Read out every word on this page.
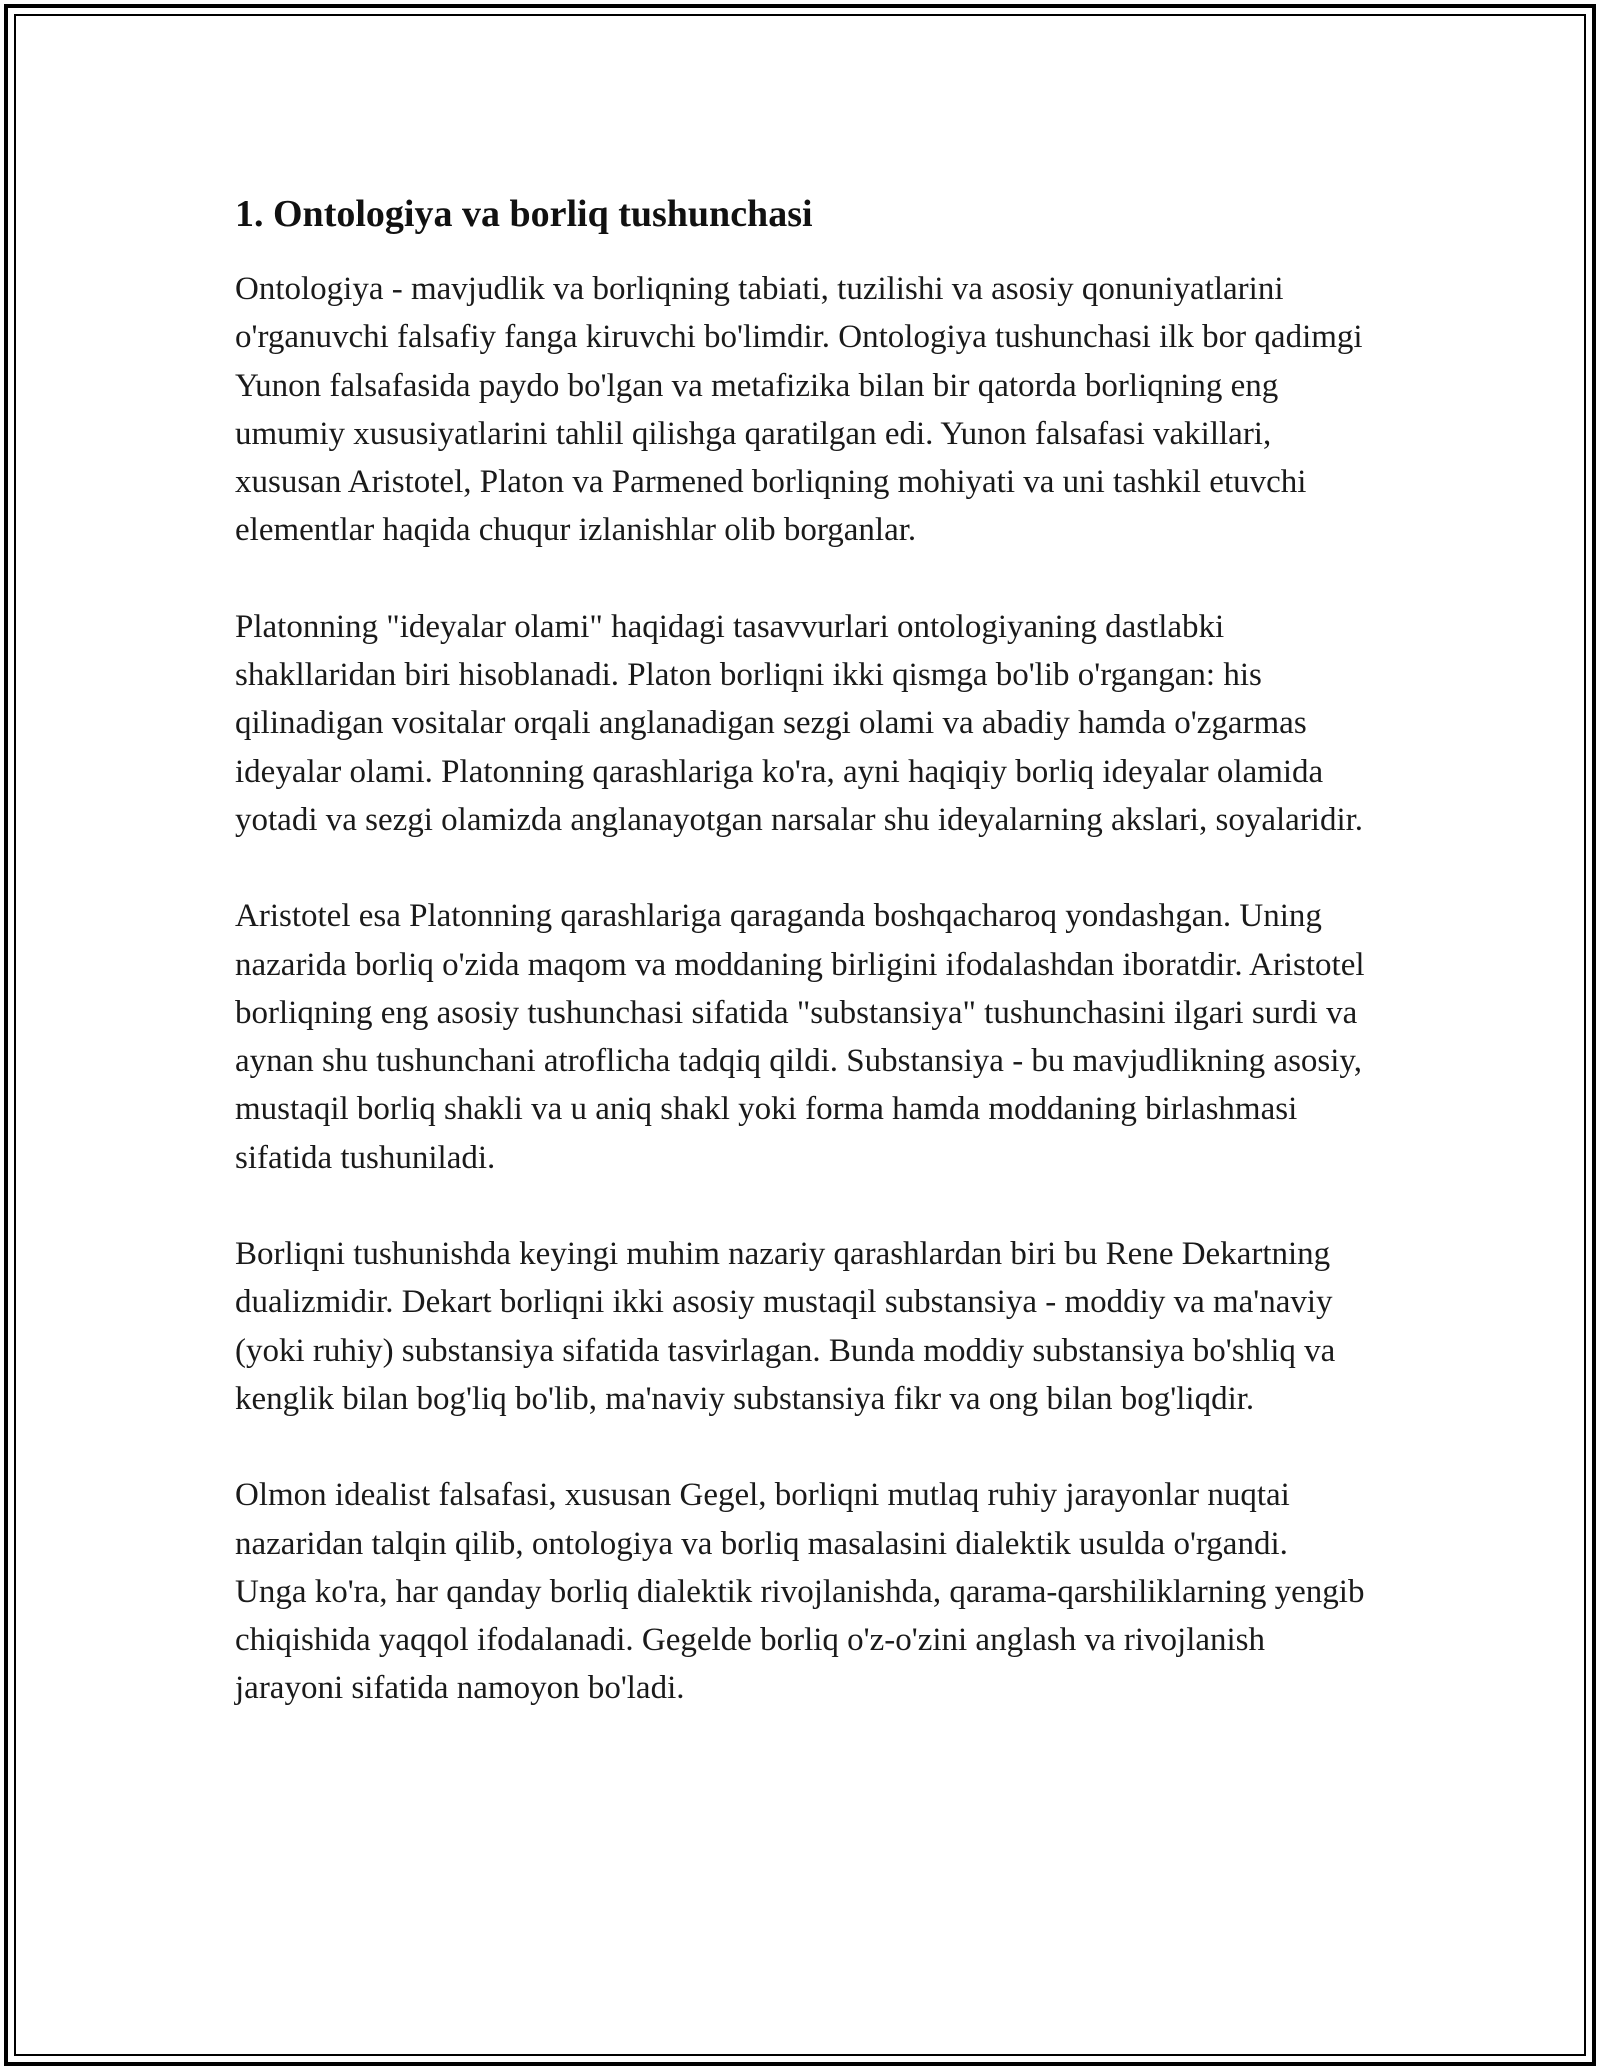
1. Ontologiya va borliq tushunchasi

Ontologiya - mavjudlik va borliqning tabiati, tuzilishi va asosiy qonuniyatlarini o'rganuvchi falsafiy fanga kiruvchi bo'limdir. Ontologiya tushunchasi ilk bor qadimgi Yunon falsafasida paydo bo'lgan va metafizika bilan bir qatorda borliqning eng umumiy xususiyatlarini tahlil qilishga qaratilgan edi. Yunon falsafasi vakillari, xususan Aristotel, Platon va Parmened borliqning mohiyati va uni tashkil etuvchi elementlar haqida chuqur izlanishlar olib borganlar.

Platonning "ideyalar olami" haqidagi tasavvurlari ontologiyaning dastlabki shakllaridan biri hisoblanadi. Platon borliqni ikki qismga bo'lib o'rgangan: his qilinadigan vositalar orqali anglanadigan sezgi olami va abadiy hamda o'zgarmas ideyalar olami. Platonning qarashlariga ko'ra, ayni haqiqiy borliq ideyalar olamida yotadi va sezgi olamizda anglanayotgan narsalar shu ideyalarning akslari, soyalaridir.

Aristotel esa Platonning qarashlariga qaraganda boshqacharoq yondashgan. Uning nazarida borliq o'zida maqom va moddaning birligini ifodalashdan iboratdir. Aristotel borliqning eng asosiy tushunchasi sifatida "substansiya" tushunchasini ilgari surdi va aynan shu tushunchani atroflicha tadqiq qildi. Substansiya - bu mavjudlikning asosiy, mustaqil borliq shakli va u aniq shakl yoki forma hamda moddaning birlashmasi sifatida tushuniladi.

Borliqni tushunishda keyingi muhim nazariy qarashlardan biri bu Rene Dekartning dualizmidir. Dekart borliqni ikki asosiy mustaqil substansiya - moddiy va ma'naviy (yoki ruhiy) substansiya sifatida tasvirlagan. Bunda moddiy substansiya bo'shliq va kenglik bilan bog'liq bo'lib, ma'naviy substansiya fikr va ong bilan bog'liqdir.

Olmon idealist falsafasi, xususan Gegel, borliqni mutlaq ruhiy jarayonlar nuqtai nazaridan talqin qilib, ontologiya va borliq masalasini dialektik usulda o'rgandi. Unga ko'ra, har qanday borliq dialektik rivojlanishda, qarama-qarshiliklarning yengib chiqishida yaqqol ifodalanadi. Gegelde borliq o'z-o'zini anglash va rivojlanish jarayoni sifatida namoyon bo'ladi.
